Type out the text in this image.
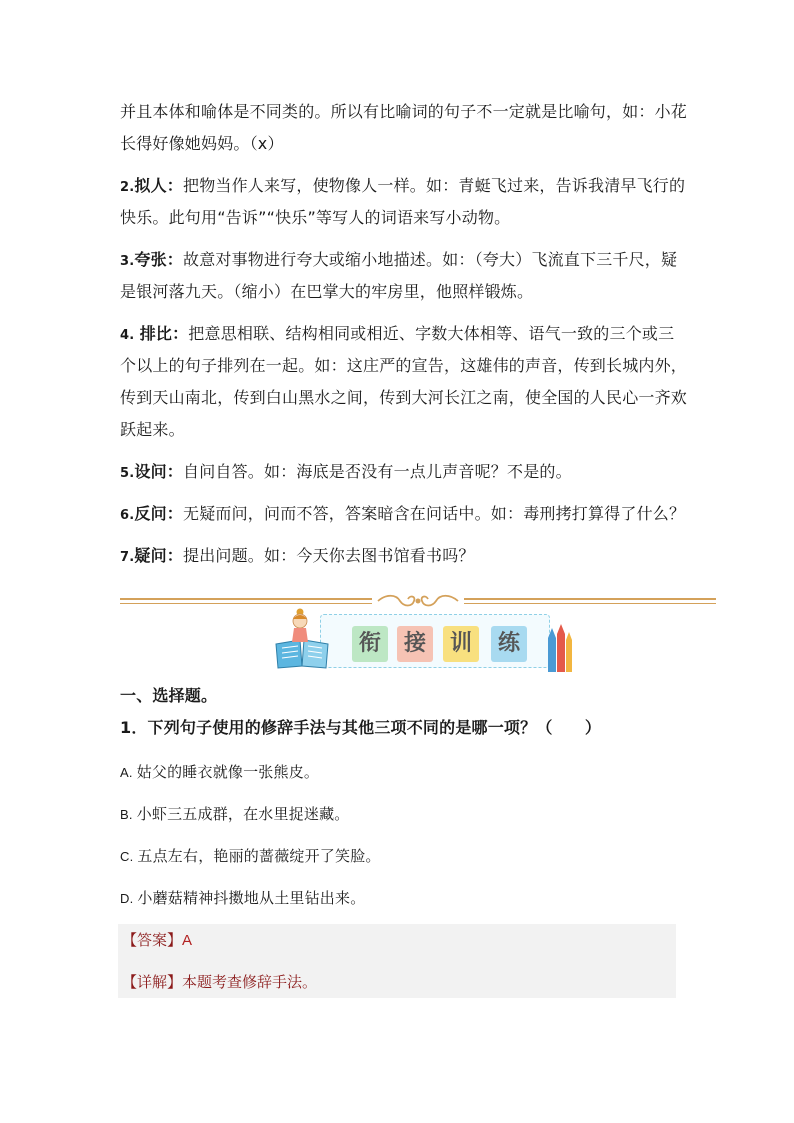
并且本体和喻体是不同类的。所以有比喻词的句子不一定就是比喻句，如：小花
长得好像她妈妈。（x）
2.拟人：把物当作人来写，使物像人一样。如：青蜓飞过来，告诉我清早飞行的
快乐。此句用“告诉”“快乐”等写人的词语来写小动物。
3.夸张：故意对事物进行夸大或缩小地描述。如：（夸大）飞流直下三千尺，疑
是银河落九天。（缩小）在巴掌大的牢房里，他照样锻炼。
4. 排比：把意思相联、结构相同或相近、字数大体相等、语气一致的三个或三
个以上的句子排列在一起。如：这庄严的宣告，这雄伟的声音，传到长城内外，
传到天山南北，传到白山黑水之间，传到大河长江之南，使全国的人民心一齐欢
跃起来。
5.设问：自问自答。如：海底是否没有一点儿声音呢？不是的。
6.反问：无疑而问，问而不答，答案暗含在问话中。如：毒刑拷打算得了什么？
7.疑问：提出问题。如：今天你去图书馆看书吗？
衔	接	训	练
一、选择题。
1．下列句子使用的修辞手法与其他三项不同的是哪一项？（　　）
A. 姑父的睡衣就像一张熊皮。
B. 小虾三五成群，在水里捉迷藏。
C. 五点左右，艳丽的蔷薇绽开了笑脸。
D. 小蘑菇精神抖擞地从土里钻出来。
【答案】A
【详解】本题考查修辞手法。
